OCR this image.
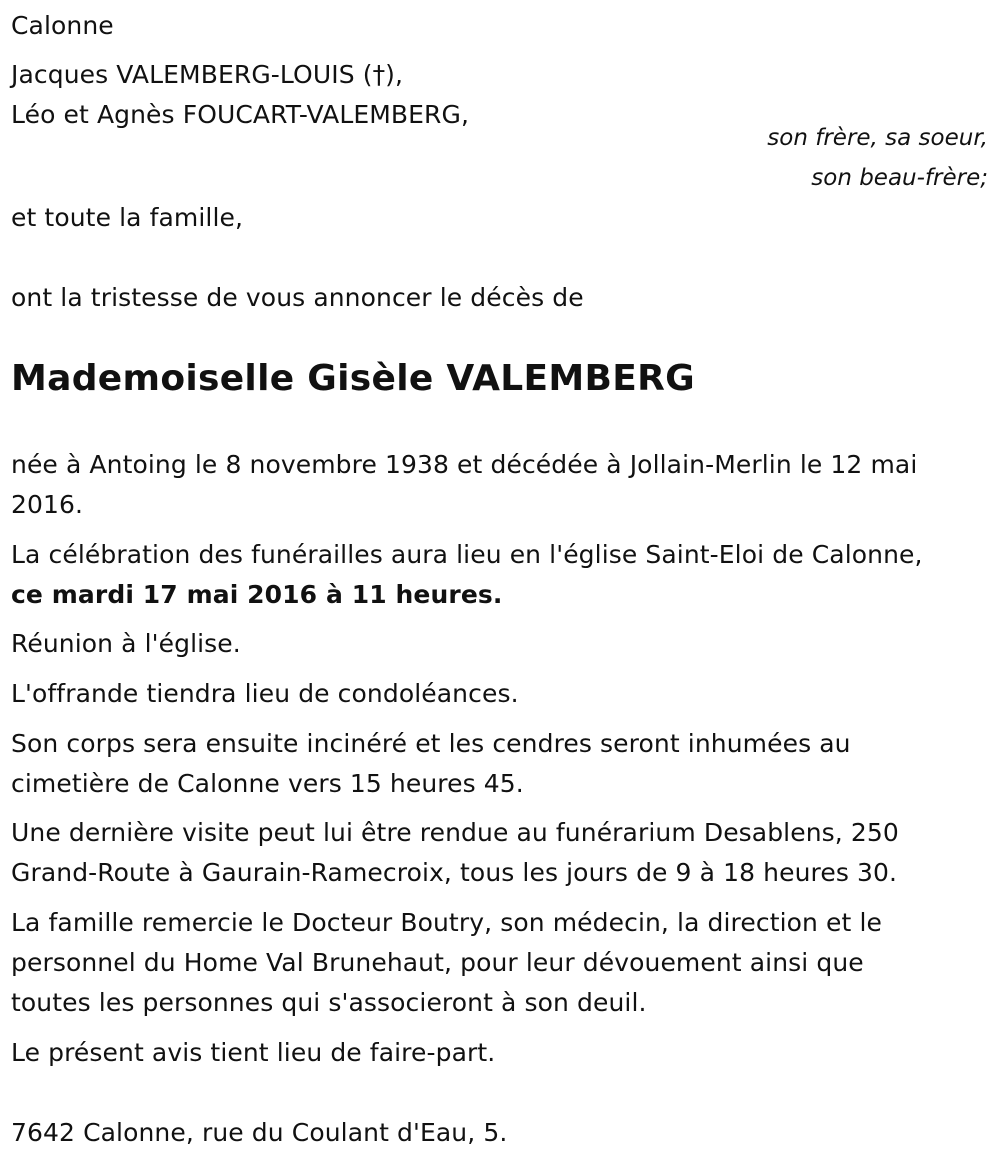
Calonne
Jacques VALEMBERG-LOUIS (†),
Léo et Agnès FOUCART-VALEMBERG,
son frère, sa soeur,
son beau-frère;
et toute la famille,
ont la tristesse de vous annoncer le décès de
Mademoiselle Gisèle VALEMBERG
née à Antoing le 8 novembre 1938 et décédée à Jollain-Merlin le 12 mai
2016.
La célébration des funérailles aura lieu en l'église Saint-Eloi de Calonne,
ce mardi 17 mai 2016 à 11 heures.
Réunion à l'église.
L'offrande tiendra lieu de condoléances.
Son corps sera ensuite incinéré et les cendres seront inhumées au
cimetière de Calonne vers 15 heures 45.
Une dernière visite peut lui être rendue au funérarium Desablens, 250
Grand-Route à Gaurain-Ramecroix, tous les jours de 9 à 18 heures 30.
La famille remercie le Docteur Boutry, son médecin, la direction et le
personnel du Home Val Brunehaut, pour leur dévouement ainsi que
toutes les personnes qui s'associeront à son deuil.
Le présent avis tient lieu de faire-part.
7642 Calonne, rue du Coulant d'Eau, 5.
